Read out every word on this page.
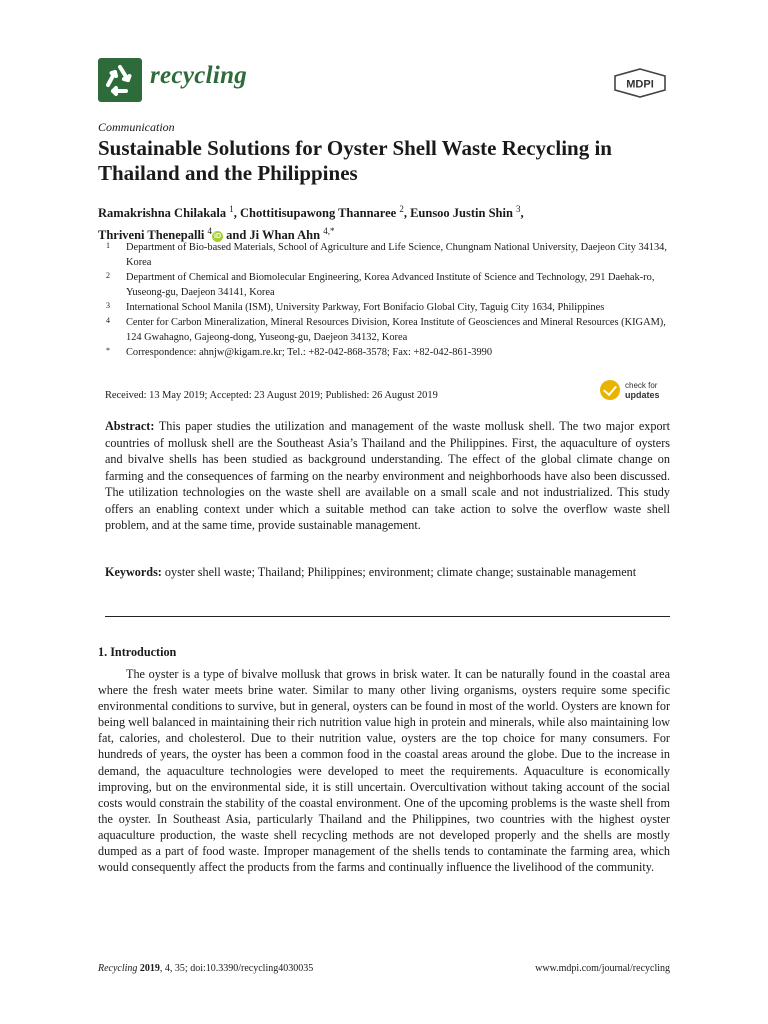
recycling	MDPI
Communication
Sustainable Solutions for Oyster Shell Waste Recycling in Thailand and the Philippines
Ramakrishna Chilakala $^1$, Chottitisupawong Thannaree $^2$, Eunsoo Justin Shin $^3$,
Thriveni Thenepalli $^4$iD and Ji Whan Ahn $^{4,*}$
1 Department of Bio-based Materials, School of Agriculture and Life Science, Chungnam National University, Daejeon City 34134, Korea
2 Department of Chemical and Biomolecular Engineering, Korea Advanced Institute of Science and Technology, 291 Daehak-ro, Yuseong-gu, Daejeon 34141, Korea
3 International School Manila (ISM), University Parkway, Fort Bonifacio Global City, Taguig City 1634, Philippines
4 Center for Carbon Mineralization, Mineral Resources Division, Korea Institute of Geosciences and Mineral Resources (KIGAM), 124 Gwahagno, Gajeong-dong, Yuseong-gu, Daejeon 34132, Korea
* Correspondence: ahnjw@kigam.re.kr; Tel.: +82-042-868-3578; Fax: +82-042-861-3990
Received: 13 May 2019; Accepted: 23 August 2019; Published: 26 August 2019
check for
updates
Abstract: This paper studies the utilization and management of the waste mollusk shell. The two major export countries of mollusk shell are the Southeast Asia’s Thailand and the Philippines. First, the aquaculture of oysters and bivalve shells has been studied as background understanding. The effect of the global climate change on farming and the consequences of farming on the nearby environment and neighborhoods have also been discussed. The utilization technologies on the waste shell are available on a small scale and not industrialized. This study offers an enabling context under which a suitable method can take action to solve the overflow waste shell problem, and at the same time, provide sustainable management.
Keywords: oyster shell waste; Thailand; Philippines; environment; climate change; sustainable management
1. Introduction

The oyster is a type of bivalve mollusk that grows in brisk water. It can be naturally found in the coastal area where the fresh water meets brine water. Similar to many other living organisms, oysters require some specific environmental conditions to survive, but in general, oysters can be found in most of the world. Oysters are known for being well balanced in maintaining their rich nutrition value high in protein and minerals, while also maintaining low fat, calories, and cholesterol. Due to their nutrition value, oysters are the top choice for many consumers. For hundreds of years, the oyster has been a common food in the coastal areas around the globe. Due to the increase in demand, the aquaculture technologies were developed to meet the requirements. Aquaculture is economically improving, but on the environmental side, it is still uncertain. Overcultivation without taking account of the social costs would constrain the stability of the coastal environment. One of the upcoming problems is the waste shell from the oyster. In Southeast Asia, particularly Thailand and the Philippines, two countries with the highest oyster aquaculture production, the waste shell recycling methods are not developed properly and the shells are mostly dumped as a part of food waste. Improper management of the shells tends to contaminate the farming area, which would consequently affect the products from the farms and continually influence the livelihood of the community.

Recycling 2019, 4, 35; doi:10.3390/recycling4030035	www.mdpi.com/journal/recycling
